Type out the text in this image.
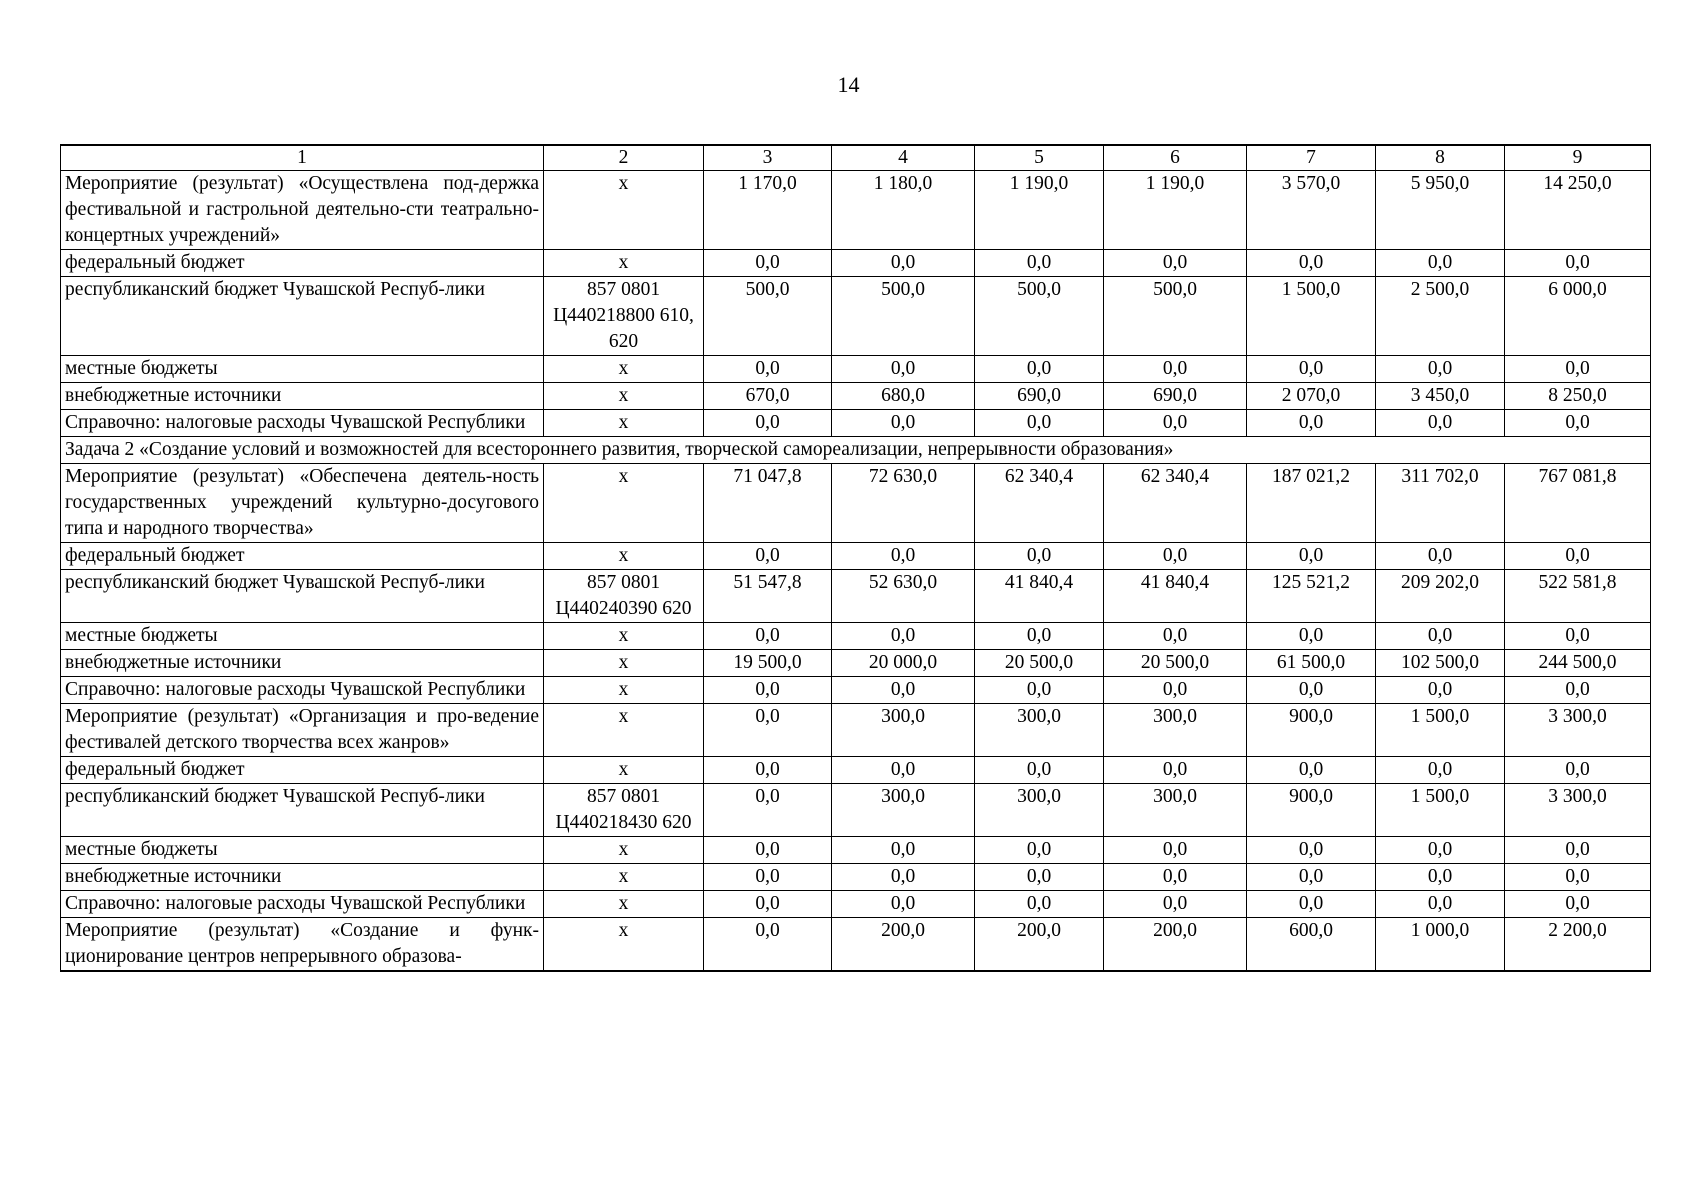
14
1	2	3	4	5	6	7	8	9
Мероприятие (результат) «Осуществлена под-держка фестивальной и гастрольной деятельно-сти театрально-концертных учреждений»	х	1 170,0	1 180,0	1 190,0	1 190,0	3 570,0	5 950,0	14 250,0
федеральный бюджет	х	0,0	0,0	0,0	0,0	0,0	0,0	0,0
республиканский бюджет Чувашской Респуб-лики	857 0801 Ц440218800 610, 620	500,0	500,0	500,0	500,0	1 500,0	2 500,0	6 000,0
местные бюджеты	х	0,0	0,0	0,0	0,0	0,0	0,0	0,0
внебюджетные источники	х	670,0	680,0	690,0	690,0	2 070,0	3 450,0	8 250,0
Справочно: налоговые расходы Чувашской Республики	х	0,0	0,0	0,0	0,0	0,0	0,0	0,0
Задача 2 «Создание условий и возможностей для всестороннего развития, творческой самореализации, непрерывности образования»								
Мероприятие (результат) «Обеспечена деятель-ность государственных учреждений культурно-досугового типа и народного творчества»	х	71 047,8	72 630,0	62 340,4	62 340,4	187 021,2	311 702,0	767 081,8
федеральный бюджет	х	0,0	0,0	0,0	0,0	0,0	0,0	0,0
республиканский бюджет Чувашской Респуб-лики	857 0801 Ц440240390 620	51 547,8	52 630,0	41 840,4	41 840,4	125 521,2	209 202,0	522 581,8
местные бюджеты	х	0,0	0,0	0,0	0,0	0,0	0,0	0,0
внебюджетные источники	х	19 500,0	20 000,0	20 500,0	20 500,0	61 500,0	102 500,0	244 500,0
Справочно: налоговые расходы Чувашской Республики	х	0,0	0,0	0,0	0,0	0,0	0,0	0,0
Мероприятие (результат) «Организация и про-ведение фестивалей детского творчества всех жанров»	х	0,0	300,0	300,0	300,0	900,0	1 500,0	3 300,0
федеральный бюджет	х	0,0	0,0	0,0	0,0	0,0	0,0	0,0
республиканский бюджет Чувашской Респуб-лики	857 0801 Ц440218430 620	0,0	300,0	300,0	300,0	900,0	1 500,0	3 300,0
местные бюджеты	х	0,0	0,0	0,0	0,0	0,0	0,0	0,0
внебюджетные источники	х	0,0	0,0	0,0	0,0	0,0	0,0	0,0
Справочно: налоговые расходы Чувашской Республики	х	0,0	0,0	0,0	0,0	0,0	0,0	0,0
Мероприятие (результат) «Создание и функ-ционирование центров непрерывного образова-	х	0,0	200,0	200,0	200,0	600,0	1 000,0	2 200,0
